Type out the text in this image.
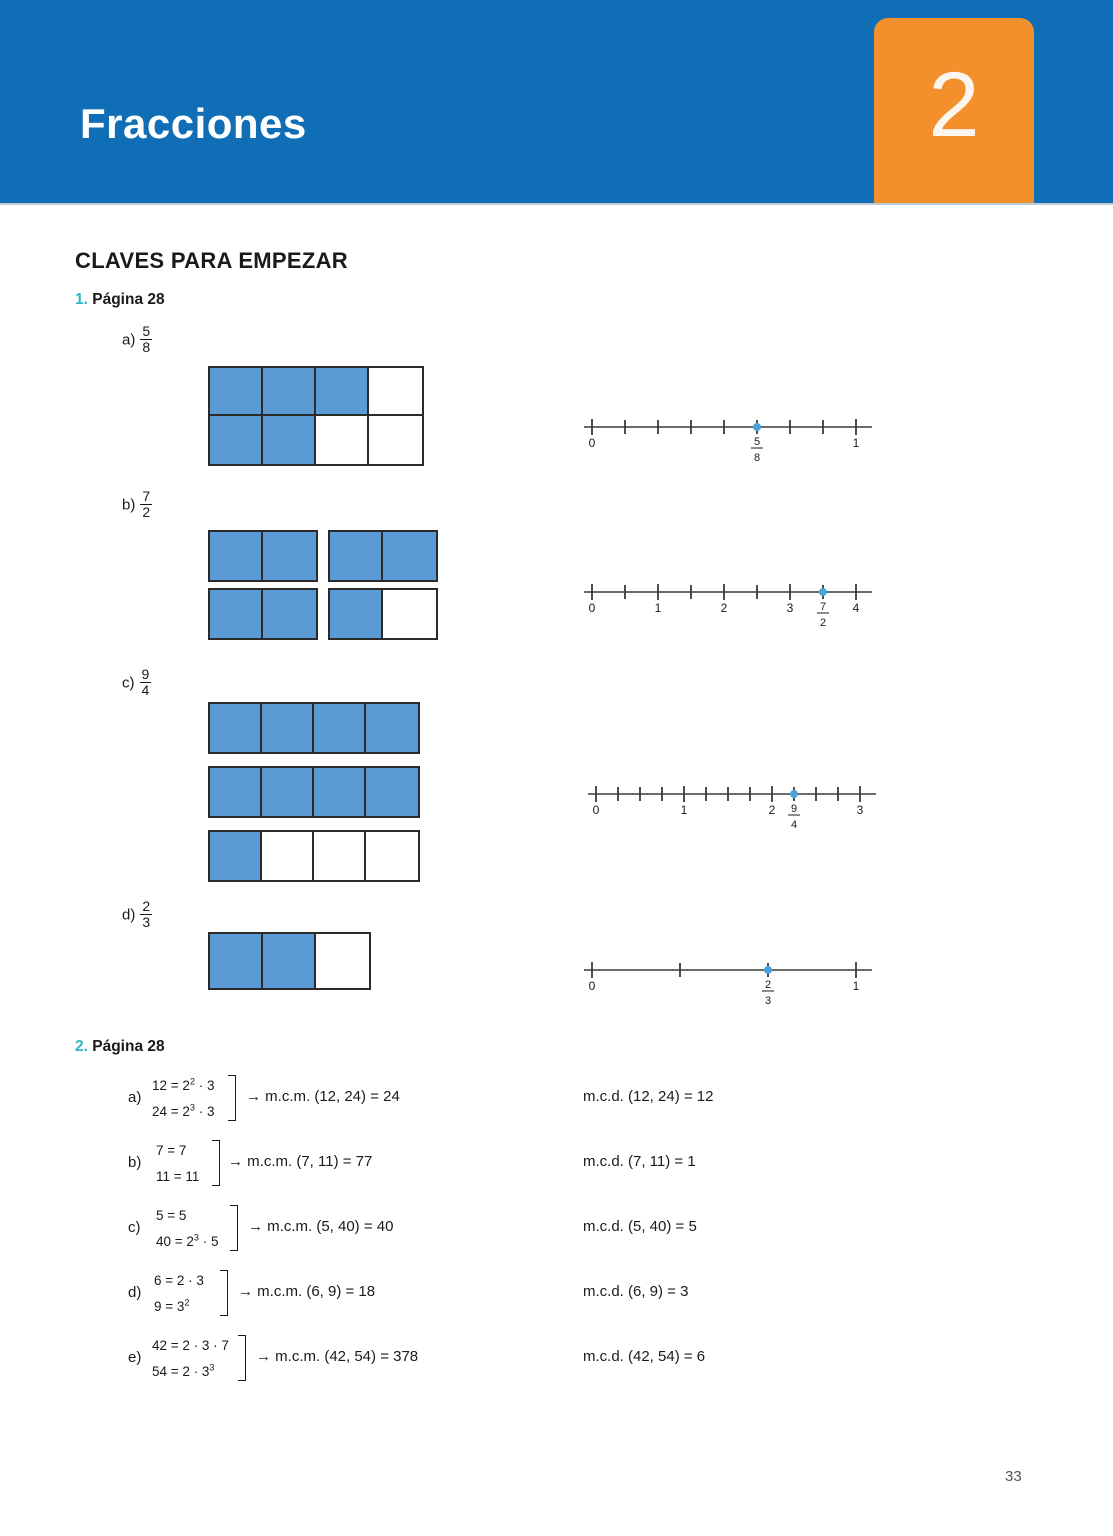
Fracciones	2
CLAVES PARA EMPEZAR
1. Página 28
$a) \frac{5}{8}$
0	1
5
8
$b) \frac{7}{2}$
0	1	2	3	4
7
2
$c) \frac{9}{4}$
0	1	2	3
9
4
$d) \frac{2}{3}$
0	1
2
3
2. Página 28
a)
$12 = 2^2 \cdot 3$
$24 = 2^3 \cdot 3$
→ m.c.m. (12, 24) = 24	m.c.d. (12, 24) = 12
b)
7 = 7
11 = 11
→ m.c.m. (7, 11) = 77	m.c.d. (7, 11) = 1
c)
5 = 5
$40 = 2^3 \cdot 5$
→ m.c.m. (5, 40) = 40	m.c.d. (5, 40) = 5
d)
6 = 2 · 3
$9 = 3^2$
→ m.c.m. (6, 9) = 18	m.c.d. (6, 9) = 3
e)
42 = 2 · 3 · 7
$54 = 2 \cdot 3^3$
→ m.c.m. (42, 54) = 378	m.c.d. (42, 54) = 6
33
